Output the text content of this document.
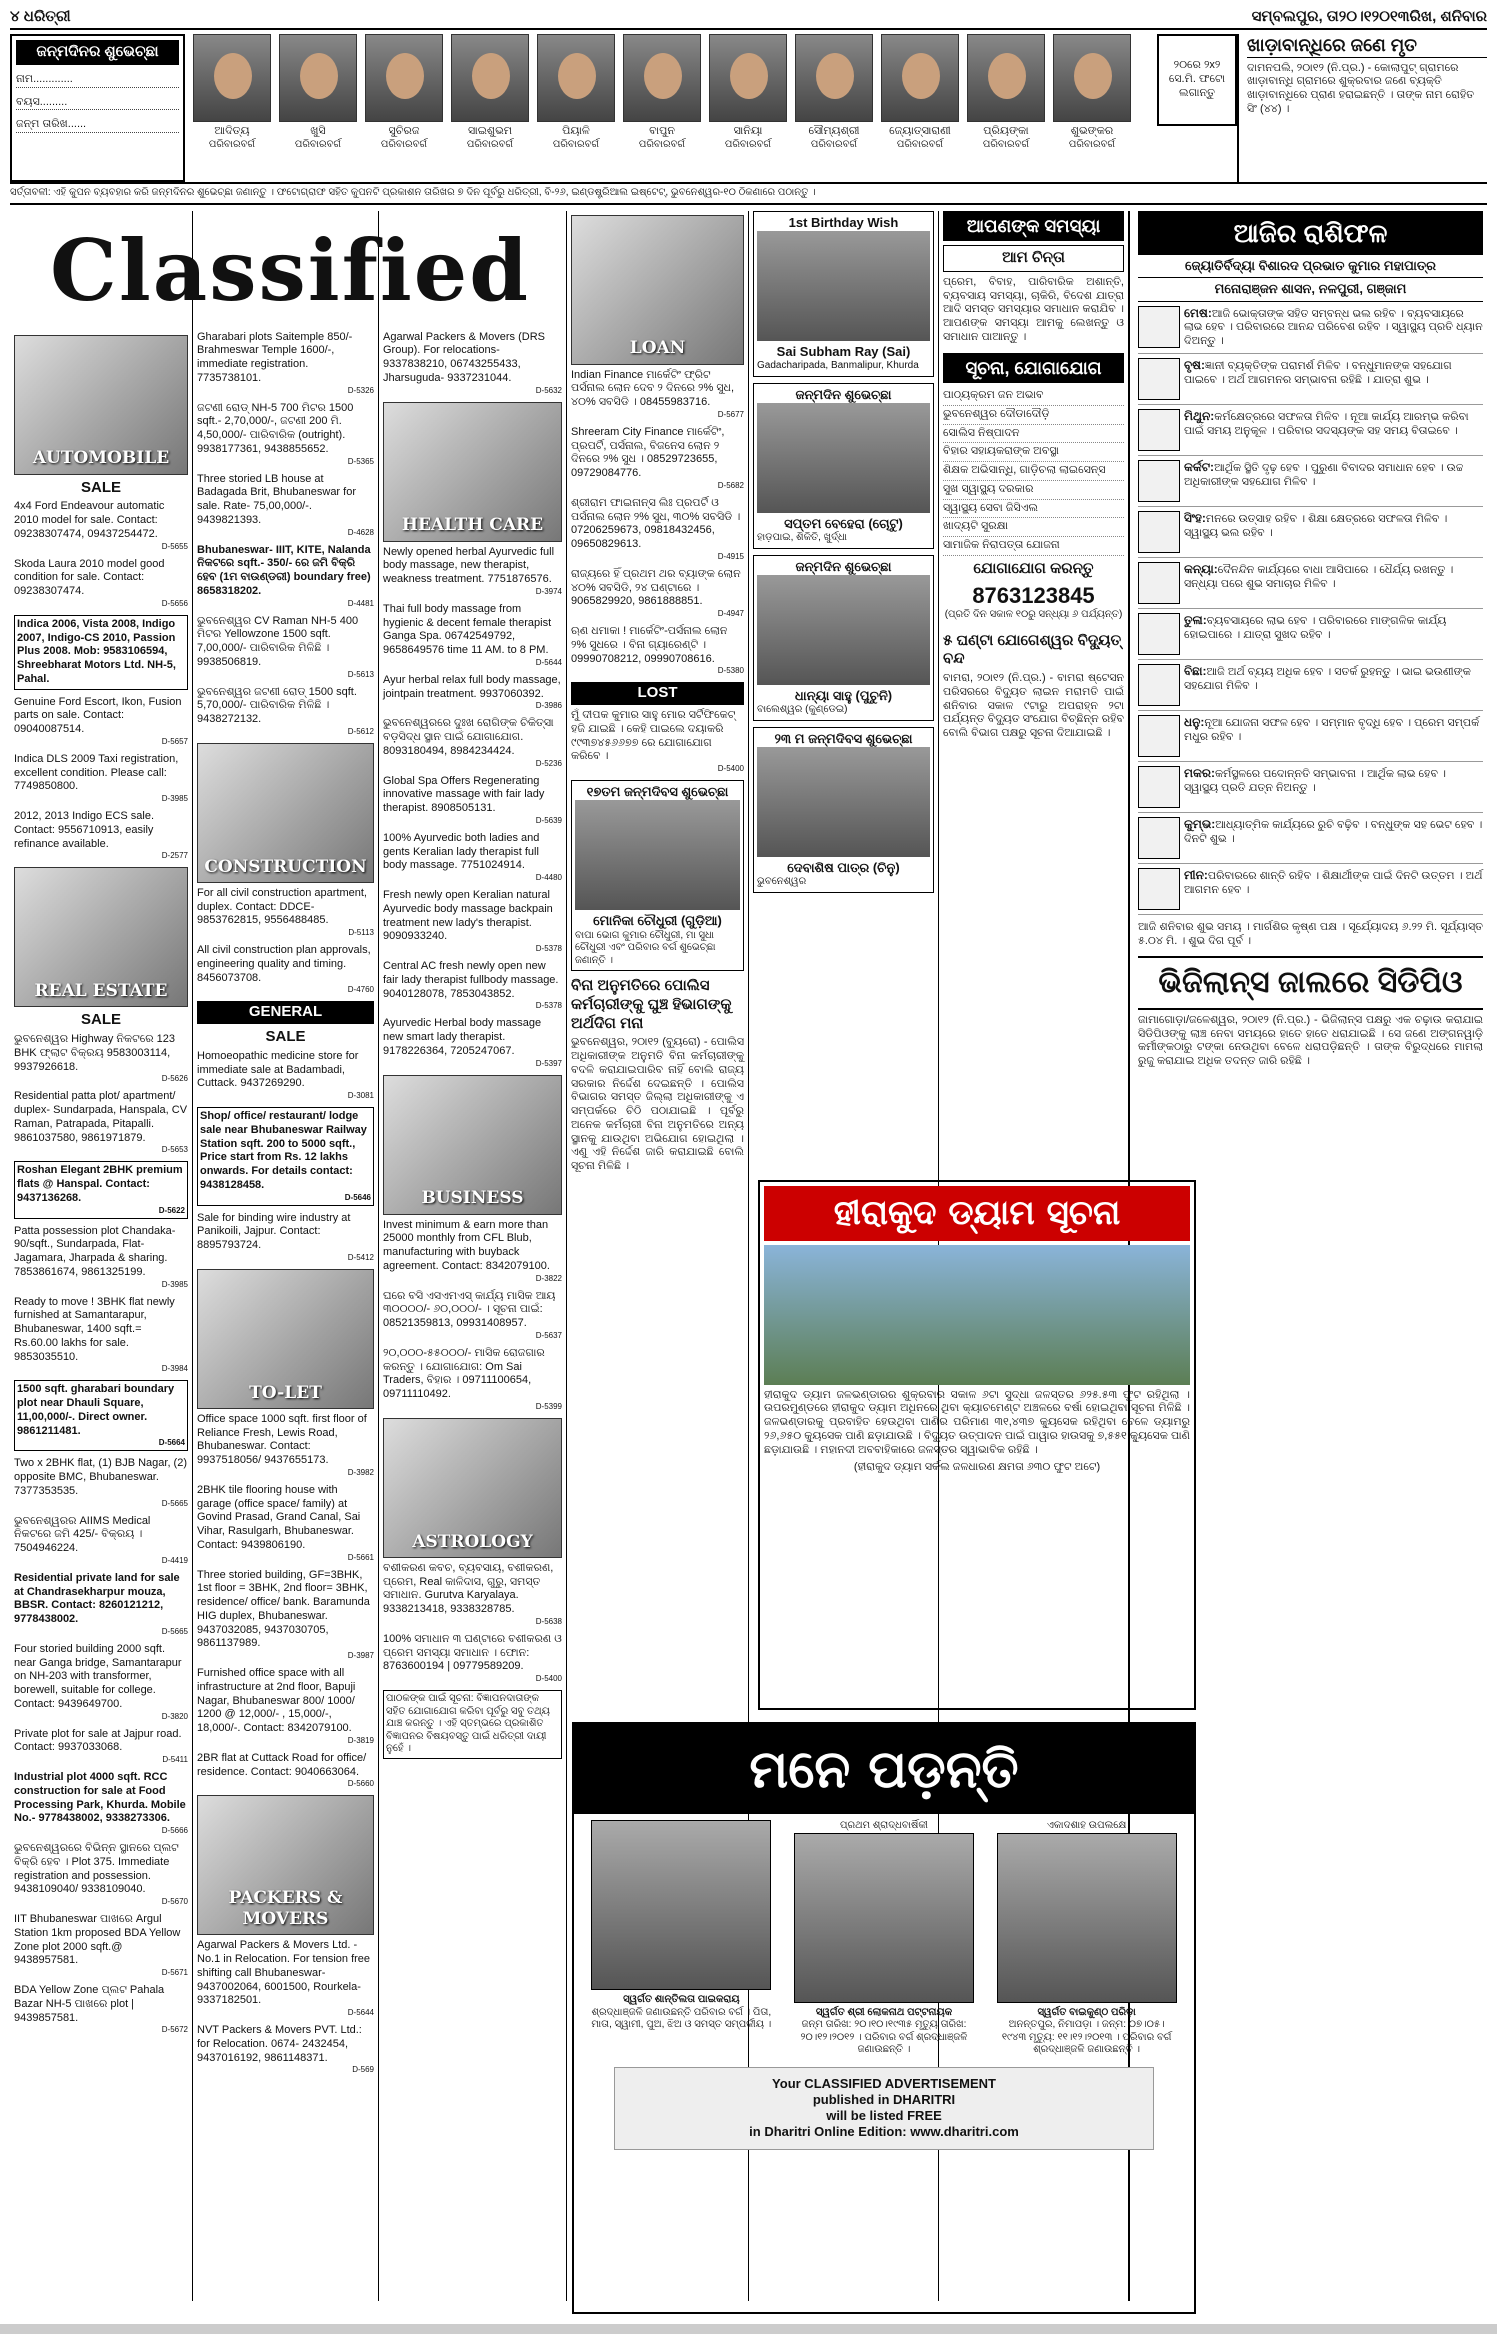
୪ ଧରିତ୍ରୀ	ସମ୍ବଲପୁର, ତା୨୦।୧୨୦୧୩ରିଖ, ଶନିବାର
ଜନ୍ମଦିନର ଶୁଭେଚ୍ଛା
ନାମ.............
ବୟସ.........
ଜନ୍ମ ତାରିଖ......
ଆଦିତ୍ୟ
ପରିବାରବର୍ଗ
ଖୁସି
ପରିବାରବର୍ଗ
ସୁଚିରଜ
ପରିବାରବର୍ଗ
ସାଇଶୁଭମ
ପରିବାରବର୍ଗ
ପିୟାଳି
ପରିବାରବର୍ଗ
ବାପୁନ
ପରିବାରବର୍ଗ
ସାନିୟା
ପରିବାରବର୍ଗ
ସୌମ୍ୟଶ୍ରୀ
ପରିବାରବର୍ଗ
ଜ୍ୟୋତ୍ସାରାଣୀ
ପରିବାରବର୍ଗ
ପ୍ରିୟଙ୍କା
ପରିବାରବର୍ଗ
ଶୁଭଙ୍କର
ପରିବାରବର୍ଗ
୨୦ରେ ୨x୨ ସେ.ମି. ଫଟୋ ଲଗାନ୍ତୁ
ଖାଡ଼ାବାନ୍ଧିରେ ଜଣେ ମୃତ

ଦାମନପଲି, ୨୦ା୧୨ (ନି.ପ୍ର.) - କୋଲାପୁଟ୍ ଗ୍ରାମରେ ଖାଡ଼ାବାନ୍ଧି ଗ୍ରାମରେ ଶୁକ୍ରବାର ଜଣେ ବ୍ୟକ୍ତି ଖାଡ଼ାବାନ୍ଧିରେ ପ୍ରାଣ ହରାଇଛନ୍ତି । ତାଙ୍କ ନାମ ରୋହିତ ସିଂ (୪୪) ।

ସର୍ତ୍ତାବଳୀ: ଏହି କୁପନ ବ୍ୟବହାର କରି ଜନ୍ମଦିନର ଶୁଭେଚ୍ଛା ଜଣାନ୍ତୁ । ଫଟୋଗ୍ରାଫ ସହିତ କୁପନଟି ପ୍ରକାଶନ ତାରିଖର ୭ ଦିନ ପୂର୍ବରୁ ଧରିତ୍ରୀ, ବି-୨୬, ଇଣ୍ଡଷ୍ଟ୍ରିଆଲ ଇଷ୍ଟେଟ୍, ଭୁବନେଶ୍ୱର-୧୦ ଠିକଣାରେ ପଠାନ୍ତୁ ।
Classified
AUTOMOBILE
SALE
4x4 Ford Endeavour automatic 2010 model for sale. Contact: 09238307474, 09437254472.
D-5655
Skoda Laura 2010 model good condition for sale. Contact: 09238307474.
D-5656
Indica 2006, Vista 2008, Indigo 2007, Indigo-CS 2010, Passion Plus 2008. Mob: 9583106594, Shreebharat Motors Ltd. NH-5, Pahal.
Genuine Ford Escort, Ikon, Fusion parts on sale. Contact: 09040087514.
D-5657
Indica DLS 2009 Taxi registration, excellent condition. Please call: 7749850800.
D-3985
2012, 2013 Indigo ECS sale. Contact: 9556710913, easily refinance available.
D-2577
REAL ESTATE
SALE
ଭୁବନେଶ୍ୱର Highway ନିକଟରେ 123 BHK ଫ୍ଲାଟ ବିକ୍ରୟ 9583003114, 9937926618.
D-5626
Residential patta plot/ apartment/ duplex- Sundarpada, Hanspala, CV Raman, Patrapada, Pitapalli. 9861037580, 9861971879.
D-5653
Roshan Elegant 2BHK premium flats @ Hanspal. Contact: 9437136268.
D-5622
Patta possession plot Chandaka- 90/sqft., Sundarpada, Flat-Jagamara, Jharpada & sharing. 7853861674, 9861325199.
D-3985
Ready to move ! 3BHK flat newly furnished at Samantarapur, Bhubaneswar, 1400 sqft.= Rs.60.00 lakhs for sale. 9853035510.
D-3984
1500 sqft. gharabari boundary plot near Dhauli Square, 11,00,000/-. Direct owner. 9861211481.
D-5664
Two x 2BHK flat, (1) BJB Nagar, (2) opposite BMC, Bhubaneswar. 7377353535.
D-5665
ଭୁବନେଶ୍ୱରର AIIMS Medical ନିକଟରେ ଜମି 425/- ବିକ୍ରୟ । 7504946224.
D-4419
Residential private land for sale at Chandrasekharpur mouza, BBSR. Contact: 8260121212, 9778438002.
D-5665
Four storied building 2000 sqft. near Ganga bridge, Samantarapur on NH-203 with transformer, borewell, suitable for college. Contact: 9439649700.
D-3820
Private plot for sale at Jajpur road. Contact: 9937033068.
D-5411
Industrial plot 4000 sqft. RCC construction for sale at Food Processing Park, Khurda. Mobile No.- 9778438002, 9338273306.
D-5666
ଭୁବନେଶ୍ୱରରେ ବିଭିନ୍ନ ସ୍ଥାନରେ ପ୍ଲଟ ବିକ୍ରି ହେବ । Plot 375. Immediate registration and possession. 9438109040/ 9338109040.
D-5670
IIT Bhubaneswar ପାଖରେ Argul Station 1km proposed BDA Yellow Zone plot 2000 sqft.@ 9438957581.
D-5671
BDA Yellow Zone ପ୍ଲଟ Pahala Bazar NH-5 ପାଖରେ plot | 9439857581.
D-5672
Gharabari plots Saitemple 850/- Brahmeswar Temple 1600/-, immediate registration. 7735738101.
D-5326
ଜଟଣୀ ରୋଡ୍ NH-5 700 ମିଟର 1500 sqft.- 2,70,000/-, ଜଟଣୀ 200 ମି. 4,50,000/- ପାରିବାରିକ (outright). 9938177361, 9438855652.
D-5365
Three storied LB house at Badagada Brit, Bhubaneswar for sale. Rate- 75,00,000/-. 9439821393.
D-4628
Bhubaneswar- IIIT, KITE, Nalanda ନିକଟରେ sqft.- 350/- ରେ ଜମି ବିକ୍ରି ହେବ (1ମ ବାଉଣ୍ଡରୀ) boundary free) 8658318202.
D-4481
ଭୁବନେଶ୍ୱର CV Raman NH-5 400 ମିଟର Yellowzone 1500 sqft. 7,00,000/- ପାରିବାରିକ ମିଳିଛି । 9938506819.
D-5613
ଭୁବନେଶ୍ୱର ଜଟଣୀ ରୋଡ୍ 1500 sqft. 5,70,000/- ପାରିବାରିକ ମିଳିଛି । 9438272132.
D-5612
CONSTRUCTION
For all civil construction apartment, duplex. Contact: DDCE- 9853762815, 9556488485.
D-5113
All civil construction plan approvals, engineering quality and timing. 8456073708.
D-4760
GENERAL
SALE
Homoeopathic medicine store for immediate sale at Badambadi, Cuttack. 9437269290.
D-3081
Shop/ office/ restaurant/ lodge sale near Bhubaneswar Railway Station sqft. 200 to 5000 sqft., Price start from Rs. 12 lakhs onwards. For details contact: 9438128458.
D-5646
Sale for binding wire industry at Panikoili, Jajpur. Contact: 8895793724.
D-5412
TO-LET
Office space 1000 sqft. first floor of Reliance Fresh, Lewis Road, Bhubaneswar. Contact: 9937518056/ 9437655173.
D-3982
2BHK tile flooring house with garage (office space/ family) at Govind Prasad, Grand Canal, Sai Vihar, Rasulgarh, Bhubaneswar. Contact: 9439806190.
D-5661
Three storied building, GF=3BHK, 1st floor = 3BHK, 2nd floor= 3BHK, residence/ office/ bank. Baramunda HIG duplex, Bhubaneswar. 9437032085, 9437030705, 9861137989.
D-3987
Furnished office space with all infrastructure at 2nd floor, Bapuji Nagar, Bhubaneswar 800/ 1000/ 1200 @ 12,000/- , 15,000/-, 18,000/-. Contact: 8342079100.
D-3819
2BR flat at Cuttack Road for office/ residence. Contact: 9040663064.
D-5660
PACKERS & MOVERS
Agarwal Packers & Movers Ltd. - No.1 in Relocation. For tension free shifting call Bhubaneswar- 9437002064, 6001500, Rourkela- 9337182501.
D-5644
NVT Packers & Movers PVT. Ltd.: for Relocation. 0674- 2432454, 9437016192, 9861148371.
D-569
Agarwal Packers & Movers (DRS Group). For relocations- 9337838210, 06743255433, Jharsuguda- 9337231044.
D-5632
HEALTH CARE
Newly opened herbal Ayurvedic full body massage, new therapist, weakness treatment. 7751876576.
D-3974
Thai full body massage from hygienic & decent female therapist Ganga Spa. 06742549792, 9658649576 time 11 AM. to 8 PM.
D-5644
Ayur herbal relax full body massage, jointpain treatment. 9937060392.
D-3986
ଭୁବନେଶ୍ୱରରେ ଦୁଃଖ ରୋଗିଙ୍କ ଚିକିତ୍ସା ବଡ଼ସିଦ୍ଧ ସ୍ଥାନ ପାଇଁ ଯୋଗାଯୋଗ. 8093180494, 8984234424.
D-5236
Global Spa Offers Regenerating innovative massage with fair lady therapist. 8908505131.
D-5639
100% Ayurvedic both ladies and gents Keralian lady therapist full body massage. 7751024914.
D-4480
Fresh newly open Keralian natural Ayurvedic body massage backpain treatment new lady's therapist. 9090933240.
D-5378
Central AC fresh newly open new fair lady therapist fullbody massage. 9040128078, 7853043852.
D-5378
Ayurvedic Herbal body massage new smart lady therapist. 9178226364, 7205247067.
D-5397
BUSINESS
Invest minimum & earn more than 25000 monthly from CFL Blub, manufacturing with buyback agreement. Contact: 8342079100.
D-3822
ଘରେ ବସି ଏସଏମଏସ୍ କାର୍ଯ୍ୟ ମାସିକ ଆୟ ୩୦୦୦୦/- ୬୦,୦୦୦/- । ସୂଚନା ପାଇଁ: 08521359813, 09931408957.
D-5637
୨୦,୦୦୦-୫୫୦୦୦/- ମାସିକ ରୋଜଗାର କରନ୍ତୁ । ଯୋଗାଯୋଗ: Om Sai Traders, ବିହାର । 09711100654, 09711110492.
D-5399
ASTROLOGY
ବଶୀକରଣ କବଚ, ବ୍ୟବସାୟ, ବଶୀକରଣ, ପ୍ରେମ, Real କାଳିଦାସ, ଗୁରୁ, ସମସ୍ତ ସମାଧାନ. Gurutva Karyalaya. 9338213418, 9338328785.
D-5638
100% ସମାଧାନ ୩ ଘଣ୍ଟାରେ ବଶୀକରଣ ଓ ପ୍ରେମ ସମସ୍ୟା ସମାଧାନ । ଫୋନ: 8763600194 | 09779589209.
D-5400
ପାଠକଙ୍କ ପାଇଁ ସୂଚନା: ବିଜ୍ଞାପନଦାତାଙ୍କ ସହିତ ଯୋଗାଯୋଗ କରିବା ପୂର୍ବରୁ ସବୁ ତଥ୍ୟ ଯାଞ୍ଚ କରନ୍ତୁ । ଏହି ସ୍ତମ୍ଭରେ ପ୍ରକାଶିତ ବିଜ୍ଞାପନର ବିଷୟବସ୍ତୁ ପାଇଁ ଧରିତ୍ରୀ ଦାୟୀ ନୁହେଁ ।
LOAN
Indian Finance ମାର୍କେଟିଂ ଫ୍ରିଟ ପର୍ସନାଲ ଲୋନ ଦେବ ୨ ଦିନରେ ୨% ସୁଧ, ୪୦% ସବସିଡି । 08455983716.
D-5677
Shreeram City Finance ମାର୍କେଟିଂ, ପ୍ରପର୍ଟି, ପର୍ସନାଲ, ବିଜନେସ ଲୋନ ୨ ଦିନରେ ୨% ସୁଧ । 08529723655, 09729084776.
D-5682
ଶ୍ରୀରାମ ଫାଇନାନ୍ସ ଲିଃ ପ୍ରପର୍ଟି ଓ ପର୍ସନାଲ ଲୋନ ୨% ସୁଧ, ୩୦% ସବସିଡି । 07206259673, 09818432456, 09650829613.
D-4915
ରାଜ୍ୟରେ ହିଁ ପ୍ରଥମ ଥର ବ୍ୟାଙ୍କ ଲୋନ ୪୦% ସବସିଡି, ୨୪ ଘଣ୍ଟାରେ । 9065829920, 9861888851.
D-4947
ଋଣ ଧମାକା ! ମାର୍କେଟିଂ-ପର୍ସନାଲ ଲୋନ ୨% ସୁଧରେ । ବିନା ଗ୍ୟାରେଣ୍ଟି । 09990708212, 09990708616.
D-5380
LOST
ମୁଁ ଦୀପକ କୁମାର ସାହୁ ମୋର ସର୍ଟିଫିକେଟ୍ ହଜି ଯାଇଛି । କେହି ପାଇଲେ ଦୟାକରି ୯୯୩୭୪୫୬୬୭୭ ରେ ଯୋଗାଯୋଗ କରିବେ ।
D-5400
୧୭ତମ ଜନ୍ମଦିବସ ଶୁଭେଚ୍ଛା
ମୋନିକା ଚୌଧୁରୀ (ଗୁଡ଼ିଆ)
ବାପା ଭୋଗ କୁମାର ଚୌଧୁରୀ, ମା ସୁଧା ଚୌଧୁରୀ ଏବଂ ପରିବାର ବର୍ଗ ଶୁଭେଚ୍ଛା ଜଣାନ୍ତି ।
ବିନା ଅନୁମତିରେ ପୋଲିସ କର୍ମଚାରୀଙ୍କୁ ଘୁଞ୍ଚ ହିଭାଗଙ୍କୁ ଅର୍ଥଦିଗ ମନା

ଭୁବନେଶ୍ୱର, ୨୦ା୧୨ (ବ୍ୟୁରୋ) - ପୋଲିସ ଅଧିକାରୀଙ୍କ ଅନୁମତି ବିନା କର୍ମଚାରୀଙ୍କୁ ବଦଳି କରାଯାଇପାରିବ ନାହିଁ ବୋଲି ରାଜ୍ୟ ସରକାର ନିର୍ଦ୍ଦେଶ ଦେଇଛନ୍ତି । ପୋଲିସ ବିଭାଗର ସମସ୍ତ ଜିଲ୍ଲା ଅଧିକାରୀଙ୍କୁ ଏ ସମ୍ପର୍କରେ ଚିଠି ପଠାଯାଇଛି । ପୂର୍ବରୁ ଅନେକ କର୍ମଚାରୀ ବିନା ଅନୁମତିରେ ଅନ୍ୟ ସ୍ଥାନକୁ ଯାଉଥିବା ଅଭିଯୋଗ ହୋଇଥିଲା । ଏଣୁ ଏହି ନିର୍ଦ୍ଦେଶ ଜାରି କରାଯାଇଛି ବୋଲି ସୂଚନା ମିଳିଛି ।

1st Birthday Wish
Sai Subham Ray (Sai)
Gadacharipada, Banmalipur, Khurda
ଜନ୍ମଦିନ ଶୁଭେଚ୍ଛା
ସପ୍ତମ ବେହେରା (ଚୋଟୁ)
ହାଡ଼ପାଇ, ଶିକିତି, ଖୁର୍ଦ୍ଧା
ଜନ୍ମଦିନ ଶୁଭେଚ୍ଛା
ଧାନ୍ୟା ସାହୁ (ପୁଚୁନି)
ବାଲେଶ୍ୱର (କୁଣ୍ଡେଇ)
୨୩ ମ ଜନ୍ମଦିବସ ଶୁଭେଚ୍ଛା
ଦେବାଶିଷ ପାତ୍ର (ଚିନୁ)
ଭୁବନେଶ୍ୱର
ଆପଣଙ୍କ ସମସ୍ୟା
ଆମ ଚିନ୍ତା

ପ୍ରେମ, ବିବାହ, ପାରିବାରିକ ଅଶାନ୍ତି, ବ୍ୟବସାୟ ସମସ୍ୟା, ଚାକିରି, ବିଦେଶ ଯାତ୍ରା ଆଦି ସମସ୍ତ ସମସ୍ୟାର ସମାଧାନ କରାଯିବ । ଆପଣଙ୍କ ସମସ୍ୟା ଆମକୁ ଲେଖନ୍ତୁ ଓ ସମାଧାନ ପାଆନ୍ତୁ ।

ସୂଚନା, ଯୋଗାଯୋଗ
ପାଠ୍ୟକ୍ରମ ଜନ ଅଭାବ
ଭୁବନେଶ୍ୱର ଦୌଡାଦୌଡ଼ି
ସୋଲିସ ନିଷ୍ପାଦନ
ବିହାର ସହାୟକରାଙ୍କ ଅବସ୍ଥା
ଶିକ୍ଷକ ଅଭିସାନ୍ଧି, ଗାଡ଼ିଚଲା ଲାଇସେନ୍ସ
ସୁଖ ସ୍ୱାସ୍ଥ୍ୟ ଦରକାର
ସ୍ୱାସ୍ଥ୍ୟ ସେବା ଜିସିଏଲ
ଖାଦ୍ୟଟି ସୁରକ୍ଷା
ସାମାଜିକ ନିରାପତ୍ତା ଯୋଜନା
ଯୋଗାଯୋଗ କରନ୍ତୁ
8763123845
(ପ୍ରତି ଦିନ ସକାଳ ୧୦ରୁ ସନ୍ଧ୍ୟା ୬ ପର୍ଯ୍ୟନ୍ତ)
୫ ଘଣ୍ଟା ଯୋଗେଶ୍ୱର ବିଦ୍ୟୁତ୍ ବନ୍ଦ

ବାମରା, ୨୦ା୧୨ (ନି.ପ୍ର.) - ବାମରା ଷ୍ଟେସନ ପରିସରରେ ବିଦ୍ୟୁତ ଲାଇନ ମରାମତି ପାଇଁ ଶନିବାର ସକାଳ ୯ଟାରୁ ଅପରାହ୍ନ ୨ଟା ପର୍ଯ୍ୟନ୍ତ ବିଦ୍ୟୁତ ସଂଯୋଗ ବିଚ୍ଛିନ୍ନ ରହିବ ବୋଲି ବିଭାଗ ପକ୍ଷରୁ ସୂଚନା ଦିଆଯାଇଛି ।

ଆଜିର ରାଶିଫଳ
ଜ୍ୟୋତିର୍ବିଦ୍ୟା ବିଶାରଦ ପ୍ରଭାତ କୁମାର ମହାପାତ୍ର
ମନୋରାଞ୍ଜନ ଶାସନ, ନଳପୁରୀ, ଗଞ୍ଜାମ
ମେଷ:ଆଜି ଭୋକ୍ତାଙ୍କ ସହିତ ସମ୍ବନ୍ଧ ଭଲ ରହିବ । ବ୍ୟବସାୟରେ ଲାଭ ହେବ । ପରିବାରରେ ଆନନ୍ଦ ପରିବେଶ ରହିବ । ସ୍ୱାସ୍ଥ୍ୟ ପ୍ରତି ଧ୍ୟାନ ଦିଅନ୍ତୁ ।
ବୃଷ:ଜ୍ଞାନୀ ବ୍ୟକ୍ତିଙ୍କ ପରାମର୍ଶ ମିଳିବ । ବନ୍ଧୁମାନଙ୍କ ସହଯୋଗ ପାଇବେ । ଅର୍ଥ ଆଗମନର ସମ୍ଭାବନା ରହିଛି । ଯାତ୍ରା ଶୁଭ ।
ମିଥୁନ:କର୍ମକ୍ଷେତ୍ରରେ ସଫଳତା ମିଳିବ । ନୂଆ କାର୍ଯ୍ୟ ଆରମ୍ଭ କରିବା ପାଇଁ ସମୟ ଅନୁକୂଳ । ପରିବାର ସଦସ୍ୟଙ୍କ ସହ ସମୟ ବିତାଇବେ ।
କର୍କଟ:ଆର୍ଥିକ ସ୍ଥିତି ଦୃଢ଼ ହେବ । ପୁରୁଣା ବିବାଦର ସମାଧାନ ହେବ । ଉଚ୍ଚ ଅଧିକାରୀଙ୍କ ସହଯୋଗ ମିଳିବ ।
ସିଂହ:ମନରେ ଉତ୍ସାହ ରହିବ । ଶିକ୍ଷା କ୍ଷେତ୍ରରେ ସଫଳତା ମିଳିବ । ସ୍ୱାସ୍ଥ୍ୟ ଭଲ ରହିବ ।
କନ୍ୟା:ଦୈନନ୍ଦିନ କାର୍ଯ୍ୟରେ ବାଧା ଆସିପାରେ । ଧୈର୍ଯ୍ୟ ରଖନ୍ତୁ । ସନ୍ଧ୍ୟା ପରେ ଶୁଭ ସମାଚାର ମିଳିବ ।
ତୁଳା:ବ୍ୟବସାୟରେ ଲାଭ ହେବ । ପରିବାରରେ ମାଙ୍ଗଳିକ କାର୍ଯ୍ୟ ହୋଇପାରେ । ଯାତ୍ରା ସୁଖଦ ରହିବ ।
ବିଛା:ଆଜି ଅର୍ଥ ବ୍ୟୟ ଅଧିକ ହେବ । ସତର୍କ ରୁହନ୍ତୁ । ଭାଇ ଭଉଣୀଙ୍କ ସହଯୋଗ ମିଳିବ ।
ଧନୁ:ନୂଆ ଯୋଜନା ସଫଳ ହେବ । ସମ୍ମାନ ବୃଦ୍ଧି ହେବ । ପ୍ରେମ ସମ୍ପର୍କ ମଧୁର ରହିବ ।
ମକର:କର୍ମସ୍ଥଳରେ ପଦୋନ୍ନତି ସମ୍ଭାବନା । ଆର୍ଥିକ ଲାଭ ହେବ । ସ୍ୱାସ୍ଥ୍ୟ ପ୍ରତି ଯତ୍ନ ନିଅନ୍ତୁ ।
କୁମ୍ଭ:ଆଧ୍ୟାତ୍ମିକ କାର୍ଯ୍ୟରେ ରୁଚି ବଢ଼ିବ । ବନ୍ଧୁଙ୍କ ସହ ଭେଟ ହେବ । ଦିନଟି ଶୁଭ ।
ମୀନ:ପରିବାରରେ ଶାନ୍ତି ରହିବ । ଶିକ୍ଷାର୍ଥୀଙ୍କ ପାଇଁ ଦିନଟି ଉତ୍ତମ । ଅର୍ଥ ଆଗମନ ହେବ ।

ଆଜି ଶନିବାର ଶୁଭ ସମୟ । ମାର୍ଗଶିର କୃଷ୍ଣ ପକ୍ଷ । ସୂର୍ଯ୍ୟୋଦୟ ୬.୨୨ ମି. ସୂର୍ଯ୍ୟାସ୍ତ ୫.୦୪ ମି. । ଶୁଭ ଦିଗ ପୂର୍ବ ।

ଭିଜିଲାନ୍ସ ଜାଲରେ ସିଡିପିଓ

ଜାମାଗୋଡ଼ା/ଜଳେଶ୍ୱର, ୨୦ା୧୨ (ନି.ପ୍ର.) - ଭିଜିଲାନ୍ସ ପକ୍ଷରୁ ଏକ ଚଢ଼ାଉ କରାଯାଇ ସିଡିପିଓଙ୍କୁ ଲାଞ୍ଚ ନେବା ସମୟରେ ହାତେ ହାତେ ଧରାଯାଇଛି । ସେ ଜଣେ ଅଙ୍ଗନୱାଡ଼ି କର୍ମୀଙ୍କଠାରୁ ଟଙ୍କା ନେଉଥିବା ବେଳେ ଧରାପଡ଼ିଛନ୍ତି । ତାଙ୍କ ବିରୁଦ୍ଧରେ ମାମଲା ରୁଜୁ କରାଯାଇ ଅଧିକ ତଦନ୍ତ ଜାରି ରହିଛି ।

ହୀରାକୁଦ ଡ୍ୟାମ ସୂଚନା

ହୀରାକୁଦ ଡ୍ୟାମ ଜଳଭଣ୍ଡାରର ଶୁକ୍ରବାର ସକାଳ ୬ଟା ସୁଦ୍ଧା ଜଳସ୍ତର ୬୨୫.୫୩ ଫୁଟ ରହିଥିଲା । ଉପରମୁଣ୍ଡରେ ହୀରାକୁଦ ଡ୍ୟାମ ଅଧିନରେ ଥିବା କ୍ୟାଚମେଣ୍ଟ ଅଞ୍ଚଳରେ ବର୍ଷା ହୋଇଥିବା ସୂଚନା ମିଳିଛି । ଜଳଭଣ୍ଡାରକୁ ପ୍ରବାହିତ ହେଉଥିବା ପାଣିର ପରିମାଣ ୩୧,୪୩୭ କ୍ୟୁସେକ ରହିଥିବା ବେଳେ ଡ୍ୟାମରୁ ୨୬,୬୫୦ କ୍ୟୁସେକ ପାଣି ଛଡ଼ାଯାଉଛି । ବିଦ୍ୟୁତ ଉତ୍ପାଦନ ପାଇଁ ପାୱାର ହାଉସକୁ ୭,୫୫୧ କ୍ୟୁସେକ ପାଣି ଛଡ଼ାଯାଉଛି । ମହାନଦୀ ଅବବାହିକାରେ ଜଳସ୍ତର ସ୍ୱାଭାବିକ ରହିଛି ।

(ହୀରାକୁଦ ଡ୍ୟାମ ସର୍କଲ ଜଳଧାରଣ କ୍ଷମତା ୬୩୦ ଫୁଟ ଅଟେ)

ମନେ ପଡ଼ନ୍ତି
ସ୍ୱର୍ଗତ ଶାନ୍ତିଲତା ପାଇକରାୟ
ଶ୍ରଦ୍ଧାଞ୍ଜଳି ଜଣାଉଛନ୍ତି ପରିବାର ବର୍ଗ । ପିତା, ମାତା, ସ୍ୱାମୀ, ପୁଅ, ଝିଅ ଓ ସମସ୍ତ ସମ୍ପର୍କୀୟ ।
ପ୍ରଥମ ଶ୍ରାଦ୍ଧବାର୍ଷିକୀ
ସ୍ୱର୍ଗତ ଶ୍ରୀ ଲୋକନାଥ ପଟ୍ଟନାୟକ
ଜନ୍ମ ତାରିଖ: ୨୦।୧୦।୧୯୩୫ ମୃତ୍ୟୁ ତାରିଖ: ୨୦।୧୨।୨୦୧୨ । ପରିବାର ବର୍ଗ ଶ୍ରଦ୍ଧାଞ୍ଜଳି ଜଣାଉଛନ୍ତି ।
ଏକାଦଶାହ ଉପଲକ୍ଷେ
ସ୍ୱର୍ଗତ ବାଇକୁଣ୍ଠ ପରିଡ଼ା
ଅନନ୍ତପୁର, ନିମାପଡ଼ା । ଜନ୍ମ: ୦୭।୦୫।୧୯୪୩ ମୃତ୍ୟୁ: ୧୧।୧୨।୨୦୧୩ । ପରିବାର ବର୍ଗ ଶ୍ରଦ୍ଧାଞ୍ଜଳି ଜଣାଉଛନ୍ତି ।
Your CLASSIFIED ADVERTISEMENT
published in DHARITRI
will be listed FREE
in Dharitri Online Edition: www.dharitri.com
